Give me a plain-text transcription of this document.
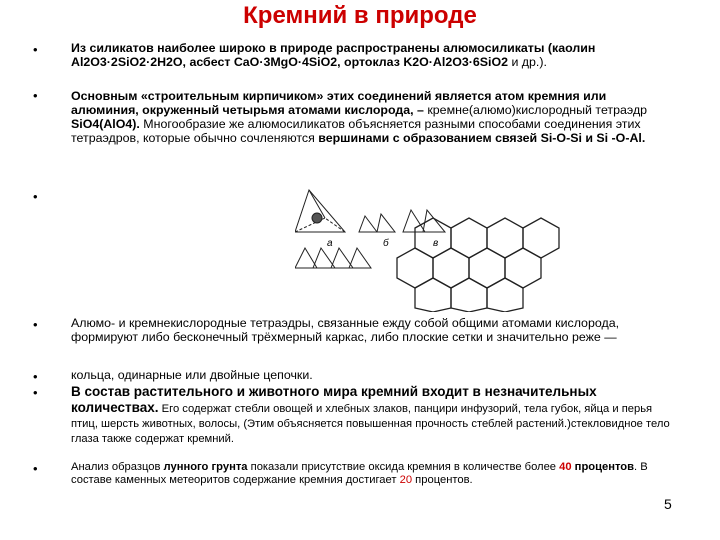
Кремний в природе
•
•
•
•
•
•
•
Из силикатов наиболее широко в природе распространены алюмосиликаты (каолин Al2O3·2SiO2·2H2O, асбест CaO·3MgO·4SiO2, ортоклаз K2O·Al2O3·6SiO2 и др.).
Основным «строительным кирпичиком» этих соединений является атом кремния или алюминия, окруженный четырьмя атомами кислорода, – кремне(алюмо)кислородный тетраэдр SiO4(AlO4). Многообразие же алюмосиликатов объясняется разными способами соединения этих тетраэдров, которые обычно сочленяются вершинами с образованием связей Si-O-Si и Si -O-Al.
а	б	в
Алюмо- и кремнекислородные тетраэдры, связанные ежду собой общими атомами кислорода, формируют либо бесконечный трёхмерный каркас, либо плоские сетки и значительно реже —
кольца, одинарные или двойные цепочки.
В состав растительного и животного мира кремний входит в незначительных количествах. Его содержат стебли овощей и хлебных злаков, панцири инфузорий, тела губок, яйца и перья птиц, шерсть животных, волосы, (Этим объясняется повышенная прочность стеблей растений.)стекловидное тело глаза также содержат кремний.
Анализ образцов лунного грунта показали присутствие оксида кремния в количестве более 40 процентов. В составе каменных метеоритов содержание кремния достигает 20 процентов.
5
